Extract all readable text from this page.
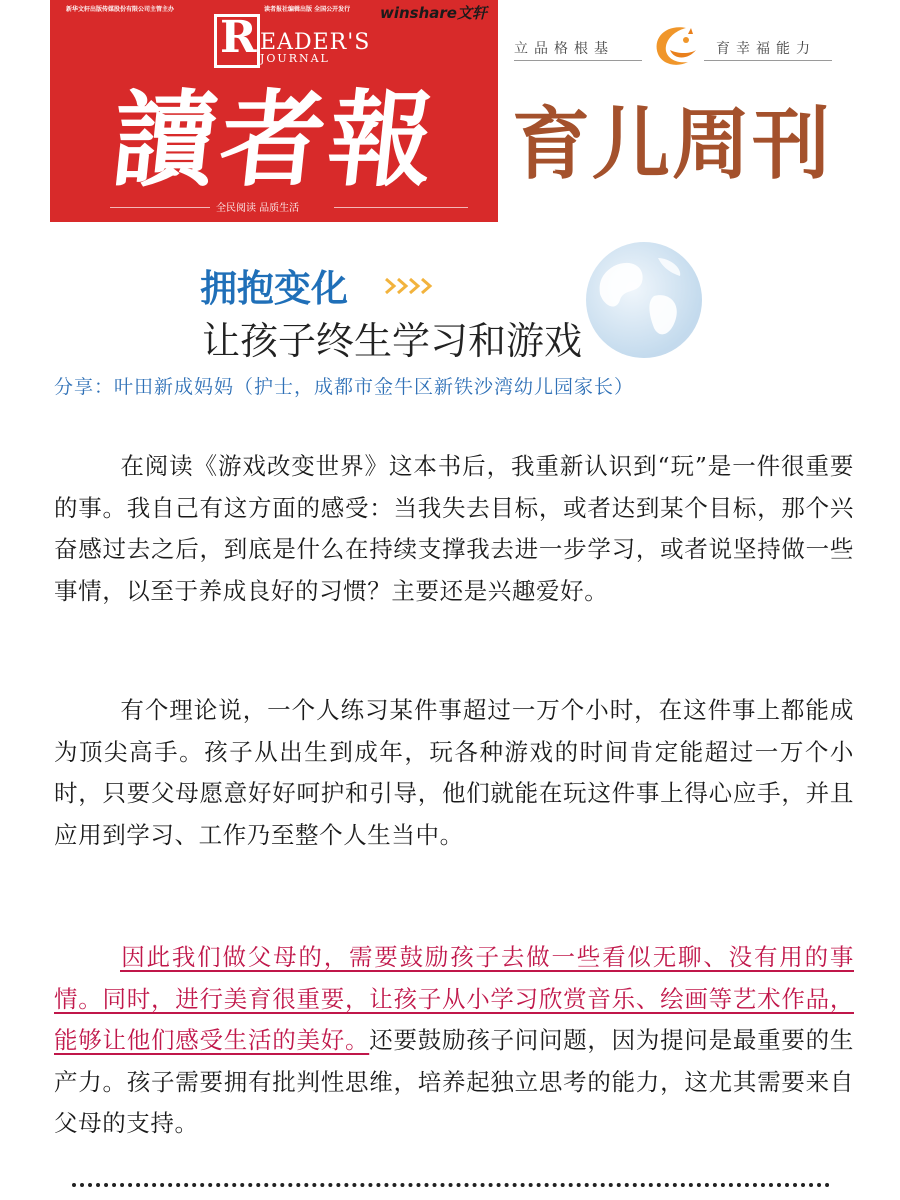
新华文轩出版传媒股份有限公司主管主办	读者报社编辑出版 全国公开发行 winshare文轩
R EADER'S
JOURNAL
讀者報
全民阅读 品质生活
立品格根基	育幸福能力
育儿周刊
拥抱变化
让孩子终生学习和游戏
分享：叶田新成妈妈（护士，成都市金牛区新铁沙湾幼儿园家长）

在阅读《游戏改变世界》这本书后，我重新认识到“玩”是一件很重要的事。我自己有这方面的感受：当我失去目标，或者达到某个目标，那个兴奋感过去之后，到底是什么在持续支撑我去进一步学习，或者说坚持做一些事情，以至于养成良好的习惯？主要还是兴趣爱好。

有个理论说，一个人练习某件事超过一万个小时，在这件事上都能成为顶尖高手。孩子从出生到成年，玩各种游戏的时间肯定能超过一万个小时，只要父母愿意好好呵护和引导，他们就能在玩这件事上得心应手，并且应用到学习、工作乃至整个人生当中。

因此我们做父母的，需要鼓励孩子去做一些看似无聊、没有用的事情。同时，进行美育很重要，让孩子从小学习欣赏音乐、绘画等艺术作品，能够让他们感受生活的美好。还要鼓励孩子问问题，因为提问是最重要的生产力。孩子需要拥有批判性思维，培养起独立思考的能力，这尤其需要来自父母的支持。
